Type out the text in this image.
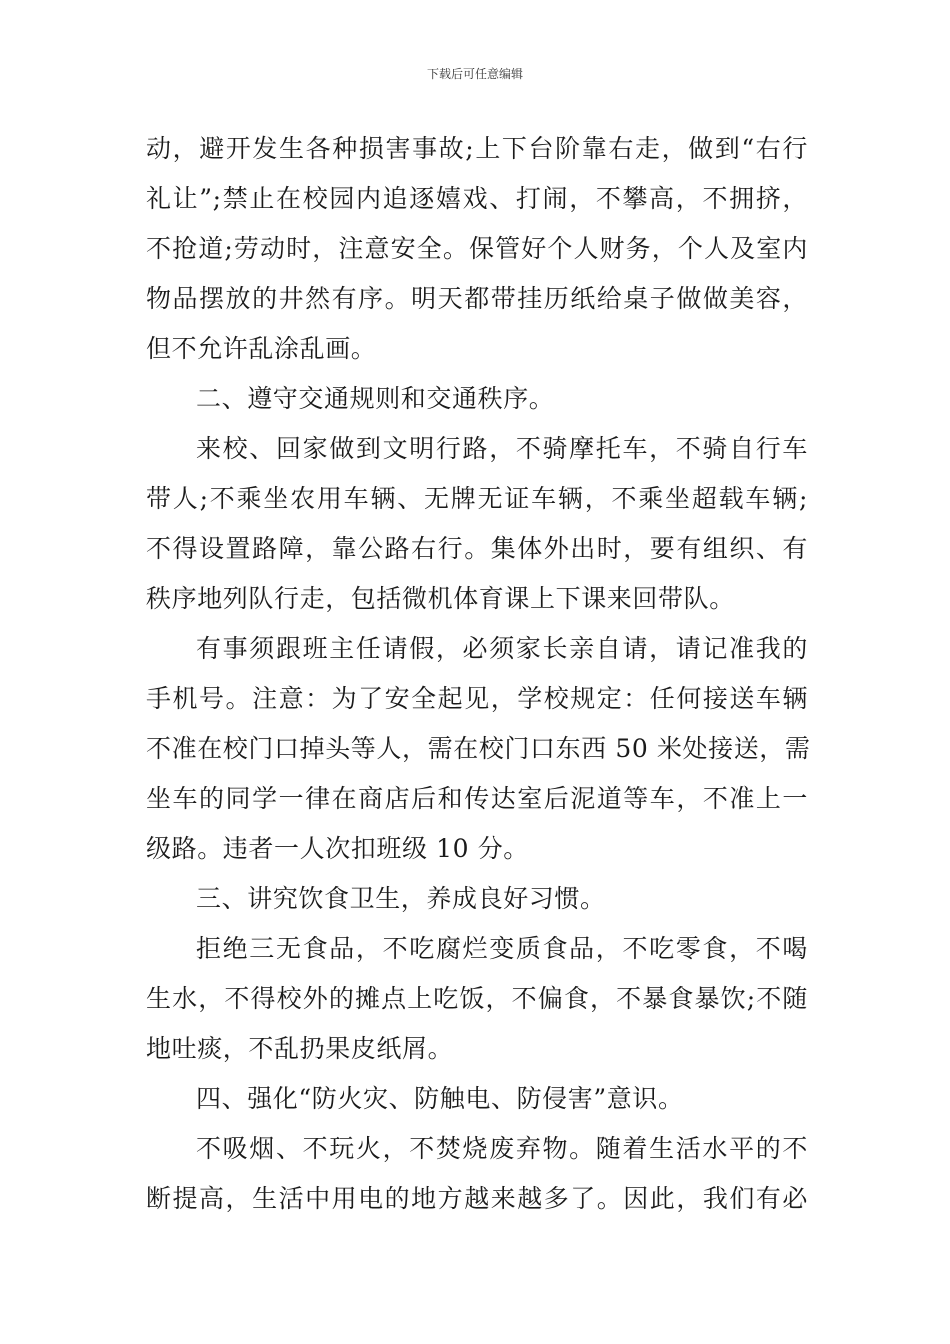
下载后可任意编辑
动，避开发生各种损害事故;上下台阶靠右走，做到“右行
礼让”;禁止在校园内追逐嬉戏、打闹，不攀高，不拥挤，
不抢道;劳动时，注意安全。保管好个人财务，个人及室内
物品摆放的井然有序。明天都带挂历纸给桌子做做美容，
但不允许乱涂乱画。
二、遵守交通规则和交通秩序。
来校、回家做到文明行路，不骑摩托车，不骑自行车
带人;不乘坐农用车辆、无牌无证车辆，不乘坐超载车辆;
不得设置路障，靠公路右行。集体外出时，要有组织、有
秩序地列队行走，包括微机体育课上下课来回带队。
有事须跟班主任请假，必须家长亲自请，请记准我的
手机号。注意：为了安全起见，学校规定：任何接送车辆
不准在校门口掉头等人，需在校门口东西 50 米处接送，需
坐车的同学一律在商店后和传达室后泥道等车，不准上一
级路。违者一人次扣班级 10 分。
三、讲究饮食卫生，养成良好习惯。
拒绝三无食品，不吃腐烂变质食品，不吃零食，不喝
生水，不得校外的摊点上吃饭，不偏食，不暴食暴饮;不随
地吐痰，不乱扔果皮纸屑。
四、强化“防火灾、防触电、防侵害”意识。
不吸烟、不玩火，不焚烧废弃物。随着生活水平的不
断提高，生活中用电的地方越来越多了。因此，我们有必
